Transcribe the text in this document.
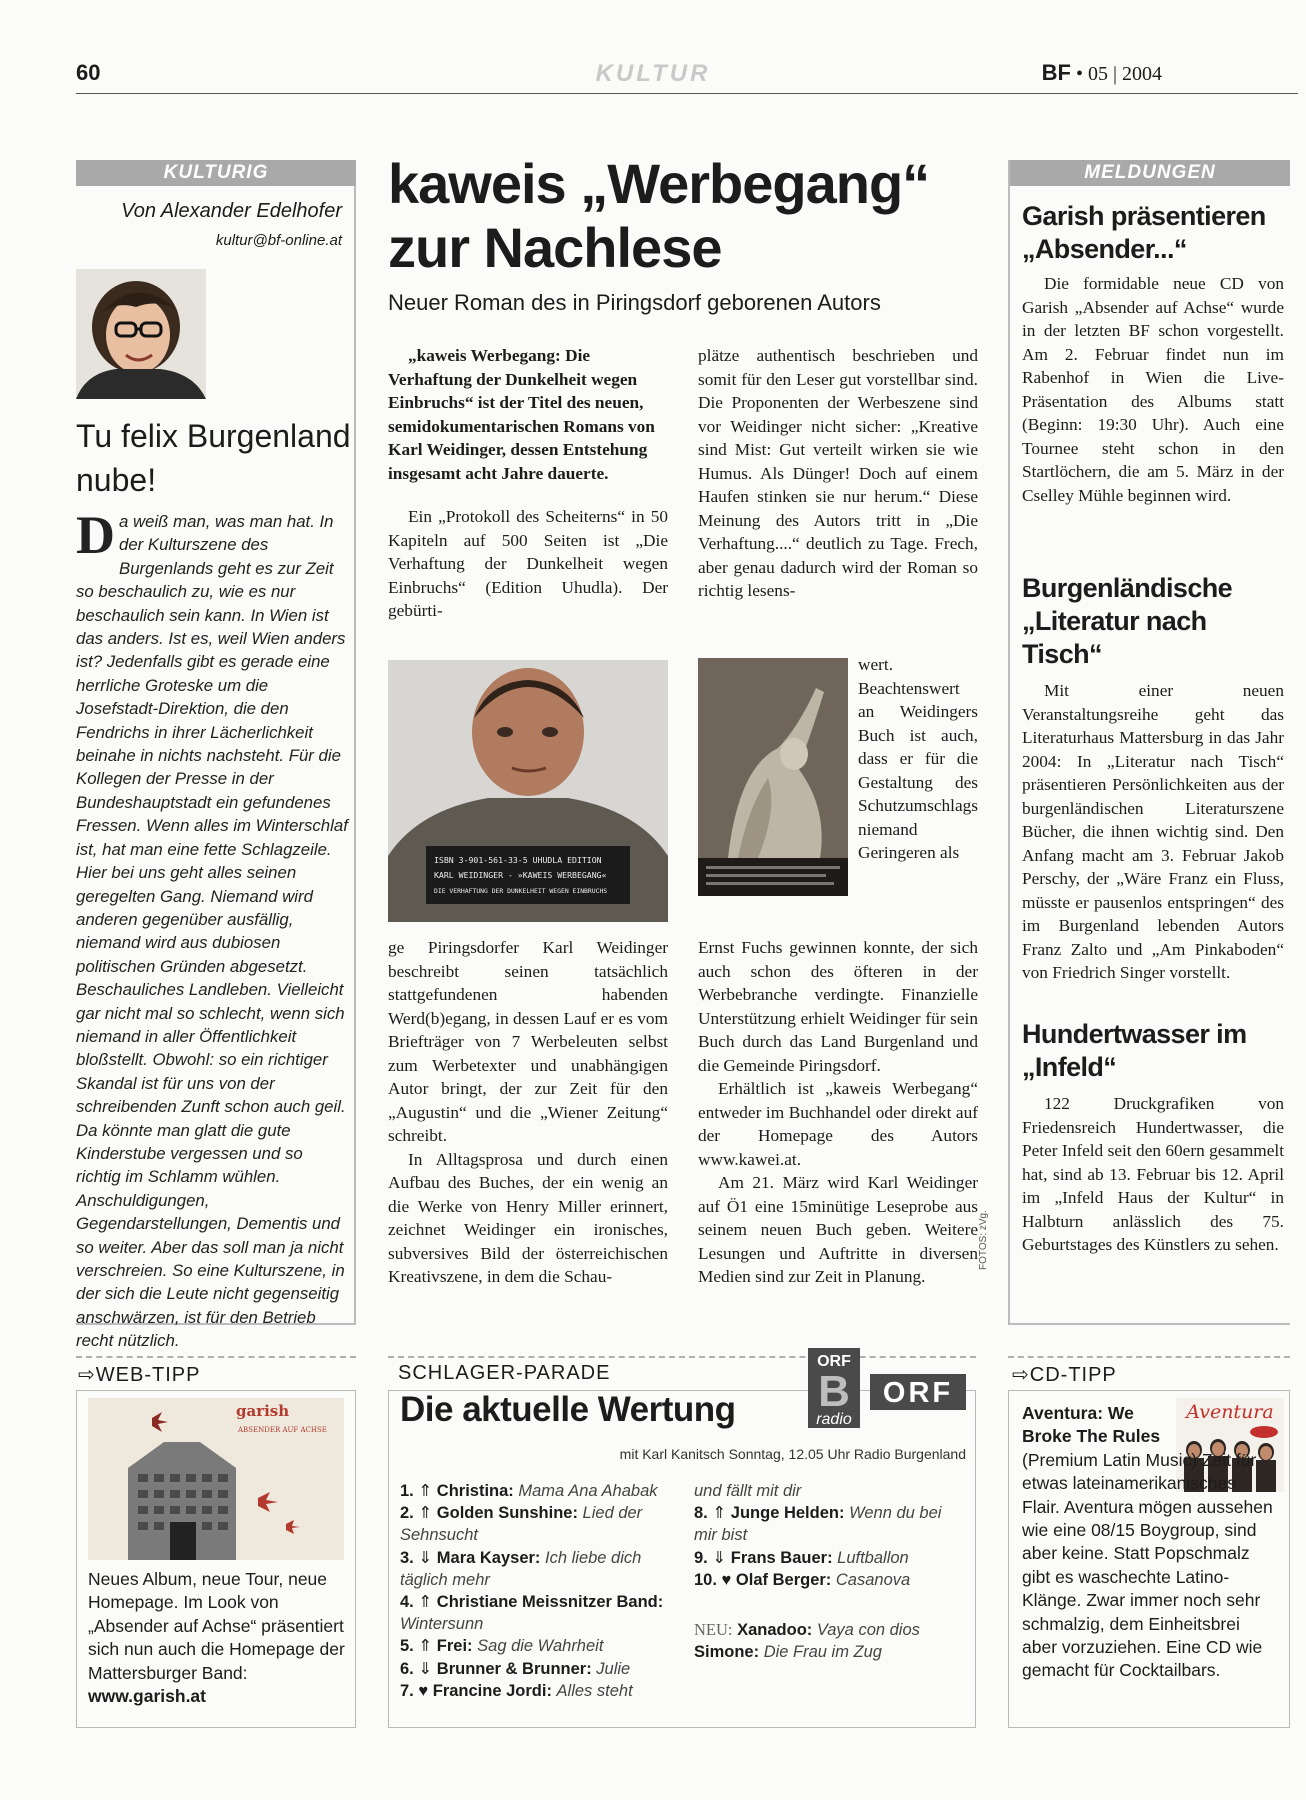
60	KULTUR	BF • 05 | 2004
KULTURIG
Von Alexander Edelhofer
kultur@bf-online.at
Tu felix Burgenland nube!
Da weiß man, was man hat. In der Kulturszene des Burgenlands geht es zur Zeit so beschaulich zu, wie es nur beschaulich sein kann. In Wien ist das anders. Ist es, weil Wien anders ist? Jedenfalls gibt es gerade eine herrliche Groteske um die Josefstadt-Direktion, die den Fendrichs in ihrer Lächerlichkeit beinahe in nichts nachsteht. Für die Kollegen der Presse in der Bundeshauptstadt ein gefundenes Fressen. Wenn alles im Winterschlaf ist, hat man eine fette Schlagzeile. Hier bei uns geht alles seinen geregelten Gang. Niemand wird anderen gegenüber ausfällig, niemand wird aus dubiosen politischen Gründen abgesetzt. Beschauliches Landleben. Vielleicht gar nicht mal so schlecht, wenn sich niemand in aller Öffentlichkeit bloßstellt. Obwohl: so ein richtiger Skandal ist für uns von der schreibenden Zunft schon auch geil. Da könnte man glatt die gute Kinderstube vergessen und so richtig im Schlamm wühlen. Anschuldigungen, Gegendarstellungen, Dementis und so weiter. Aber das soll man ja nicht verschreien. So eine Kulturszene, in der sich die Leute nicht gegenseitig anschwärzen, ist für den Betrieb recht nützlich.
kaweis „Werbegang“
zur Nachlese
Neuer Roman des in Piringsdorf geborenen Autors

„kaweis Werbegang: Die Verhaftung der Dunkelheit wegen Einbruchs“ ist der Titel des neuen, semidokumentarischen Romans von Karl Weidinger, dessen Entstehung insgesamt acht Jahre dauerte.

Ein „Protokoll des Scheiterns“ in 50 Kapiteln auf 500 Seiten ist „Die Verhaftung der Dunkelheit wegen Einbruchs“ (Edition Uhudla). Der gebürti-

ISBN 3-901-561-33-5 UHUDLA EDITION
KARL WEIDINGER - »KAWEIS WERBEGANG«
DIE VERHAFTUNG DER DUNKELHEIT WEGEN EINBRUCHS

ge Piringsdorfer Karl Weidinger beschreibt seinen tatsächlich stattgefundenen habenden Werd(b)egang, in dessen Lauf er es vom Briefträger von 7 Werbeleuten selbst zum Werbetexter und unabhängigen Autor bringt, der zur Zeit für den „Augustin“ und die „Wiener Zeitung“ schreibt.

In Alltagsprosa und durch einen Aufbau des Buches, der ein wenig an die Werke von Henry Miller erinnert, zeichnet Weidinger ein ironisches, subversives Bild der österreichischen Kreativszene, in dem die Schau-

plätze authentisch beschrieben und somit für den Leser gut vorstellbar sind. Die Proponenten der Werbeszene sind vor Weidinger nicht sicher: „Kreative sind Mist: Gut verteilt wirken sie wie Humus. Als Dünger! Doch auf einem Haufen stinken sie nur herum.“ Diese Meinung des Autors tritt in „Die Verhaftung....“ deutlich zu Tage. Frech, aber genau dadurch wird der Roman so richtig lesens-

wert. Beachtenswert an Weidingers Buch ist auch, dass er für die Gestaltung des Schutzumschlags niemand Geringeren als

Ernst Fuchs gewinnen konnte, der sich auch schon des öfteren in der Werbebranche verdingte. Finanzielle Unterstützung erhielt Weidinger für sein Buch durch das Land Burgenland und die Gemeinde Piringsdorf.

Erhältlich ist „kaweis Werbegang“ entweder im Buchhandel oder direkt auf der Homepage des Autors www.kawei.at.

Am 21. März wird Karl Weidinger auf Ö1 eine 15minütige Leseprobe aus seinem neuen Buch geben. Weitere Lesungen und Auftritte in diversen Medien sind zur Zeit in Planung.

FOTOS: zVg.
MELDUNGEN
Garish präsentieren „Absender...“

Die formidable neue CD von Garish „Absender auf Achse“ wurde in der letzten BF schon vorgestellt. Am 2. Februar findet nun im Rabenhof in Wien die Live-Präsentation des Albums statt (Beginn: 19:30 Uhr). Auch eine Tournee steht schon in den Startlöchern, die am 5. März in der Cselley Mühle beginnen wird.

Burgenländische „Literatur nach Tisch“

Mit einer neuen Veranstaltungsreihe geht das Literaturhaus Mattersburg in das Jahr 2004: In „Literatur nach Tisch“ präsentieren Persönlichkeiten aus der burgenländischen Literaturszene Bücher, die ihnen wichtig sind. Den Anfang macht am 3. Februar Jakob Perschy, der „Wäre Franz ein Fluss, müsste er pausenlos entspringen“ des im Burgenland lebenden Autors Franz Zalto und „Am Pinkaboden“ von Friedrich Singer vorstellt.

Hundertwasser im „Infeld“

122 Druckgrafiken von Friedensreich Hundertwasser, die Peter Infeld seit den 60ern gesammelt hat, sind ab 13. Februar bis 12. April im „Infeld Haus der Kultur“ in Halbturn anlässlich des 75. Geburtstages des Künstlers zu sehen.

⇨WEB-TIPP
garish
ABSENDER AUF ACHSE
Neues Album, neue Tour, neue Homepage. Im Look von „Absender auf Achse“ präsentiert sich nun auch die Homepage der Mattersburger Band:
www.garish.at
SCHLAGER-PARADE
Die aktuelle Wertung
ORF
B
radio
ORF
mit Karl Kanitsch Sonntag, 12.05 Uhr Radio Burgenland
1. ⇑ Christina: Mama Ana Ahabak
2. ⇑ Golden Sunshine: Lied der Sehnsucht
3. ⇓ Mara Kayser: Ich liebe dich täglich mehr
4. ⇑ Christiane Meissnitzer Band: Wintersunn
5. ⇑ Frei: Sag die Wahrheit
6. ⇓ Brunner & Brunner: Julie
7. ♥ Francine Jordi: Alles steht
und fällt mit dir
8. ⇑ Junge Helden: Wenn du bei mir bist
9. ⇓ Frans Bauer: Luftballon
10. ♥ Olaf Berger: Casanova
NEU: Xanadoo: Vaya con dios
Simone: Die Frau im Zug
⇨CD-TIPP
Aventura
Aventura: We Broke The Rules
(Premium Latin Music) Zeit für etwas lateinamerikanisches Flair. Aventura mögen aussehen wie eine 08/15 Boygroup, sind aber keine. Statt Popschmalz gibt es waschechte Latino-Klänge. Zwar immer noch sehr schmalzig, dem Einheitsbrei aber vorzuziehen. Eine CD wie gemacht für Cocktailbars.
